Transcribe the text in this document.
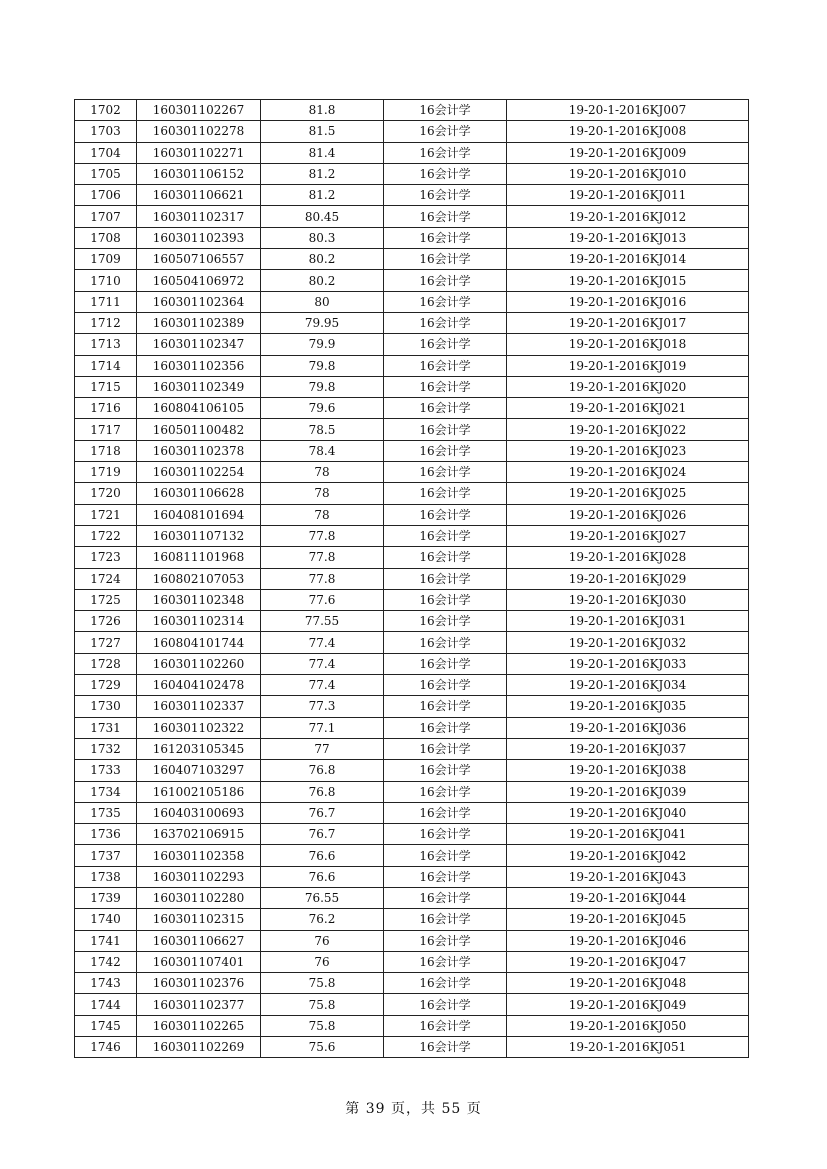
1702	160301102267	81.8	16会计学	19-20-1-2016KJ007
1703	160301102278	81.5	16会计学	19-20-1-2016KJ008
1704	160301102271	81.4	16会计学	19-20-1-2016KJ009
1705	160301106152	81.2	16会计学	19-20-1-2016KJ010
1706	160301106621	81.2	16会计学	19-20-1-2016KJ011
1707	160301102317	80.45	16会计学	19-20-1-2016KJ012
1708	160301102393	80.3	16会计学	19-20-1-2016KJ013
1709	160507106557	80.2	16会计学	19-20-1-2016KJ014
1710	160504106972	80.2	16会计学	19-20-1-2016KJ015
1711	160301102364	80	16会计学	19-20-1-2016KJ016
1712	160301102389	79.95	16会计学	19-20-1-2016KJ017
1713	160301102347	79.9	16会计学	19-20-1-2016KJ018
1714	160301102356	79.8	16会计学	19-20-1-2016KJ019
1715	160301102349	79.8	16会计学	19-20-1-2016KJ020
1716	160804106105	79.6	16会计学	19-20-1-2016KJ021
1717	160501100482	78.5	16会计学	19-20-1-2016KJ022
1718	160301102378	78.4	16会计学	19-20-1-2016KJ023
1719	160301102254	78	16会计学	19-20-1-2016KJ024
1720	160301106628	78	16会计学	19-20-1-2016KJ025
1721	160408101694	78	16会计学	19-20-1-2016KJ026
1722	160301107132	77.8	16会计学	19-20-1-2016KJ027
1723	160811101968	77.8	16会计学	19-20-1-2016KJ028
1724	160802107053	77.8	16会计学	19-20-1-2016KJ029
1725	160301102348	77.6	16会计学	19-20-1-2016KJ030
1726	160301102314	77.55	16会计学	19-20-1-2016KJ031
1727	160804101744	77.4	16会计学	19-20-1-2016KJ032
1728	160301102260	77.4	16会计学	19-20-1-2016KJ033
1729	160404102478	77.4	16会计学	19-20-1-2016KJ034
1730	160301102337	77.3	16会计学	19-20-1-2016KJ035
1731	160301102322	77.1	16会计学	19-20-1-2016KJ036
1732	161203105345	77	16会计学	19-20-1-2016KJ037
1733	160407103297	76.8	16会计学	19-20-1-2016KJ038
1734	161002105186	76.8	16会计学	19-20-1-2016KJ039
1735	160403100693	76.7	16会计学	19-20-1-2016KJ040
1736	163702106915	76.7	16会计学	19-20-1-2016KJ041
1737	160301102358	76.6	16会计学	19-20-1-2016KJ042
1738	160301102293	76.6	16会计学	19-20-1-2016KJ043
1739	160301102280	76.55	16会计学	19-20-1-2016KJ044
1740	160301102315	76.2	16会计学	19-20-1-2016KJ045
1741	160301106627	76	16会计学	19-20-1-2016KJ046
1742	160301107401	76	16会计学	19-20-1-2016KJ047
1743	160301102376	75.8	16会计学	19-20-1-2016KJ048
1744	160301102377	75.8	16会计学	19-20-1-2016KJ049
1745	160301102265	75.8	16会计学	19-20-1-2016KJ050
1746	160301102269	75.6	16会计学	19-20-1-2016KJ051
第 39 页，共 55 页
